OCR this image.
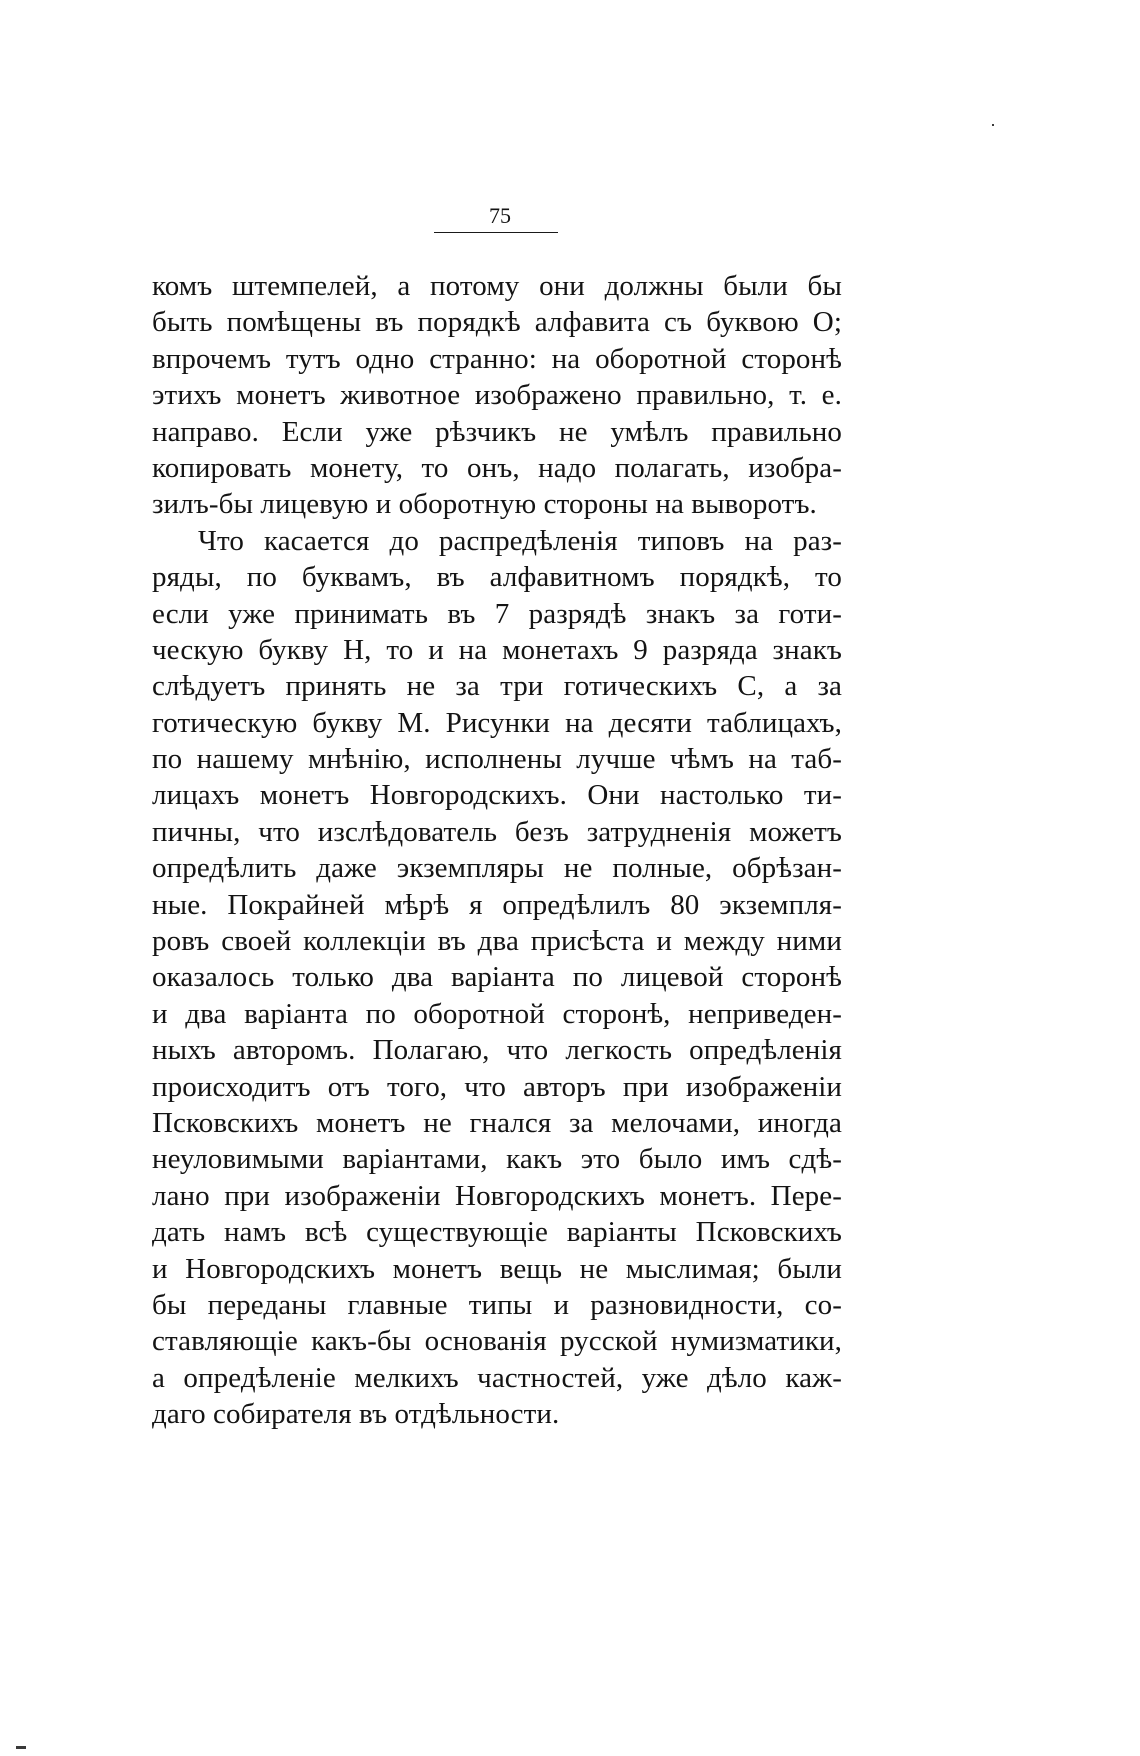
75
комъ штемпелей, а потому они должны были бы
быть помѣщены въ порядкѣ алфавита съ буквою О;
впрочемъ тутъ одно странно: на оборотной сторонѣ
этихъ монетъ животное изображено правильно, т. е.
направо. Если уже рѣзчикъ не умѣлъ правильно
копировать монету, то онъ, надо полагать, изобра-
зилъ-бы лицевую и оборотную стороны на выворотъ.
Что касается до распредѣленія типовъ на раз-
ряды, по буквамъ, въ алфавитномъ порядкѣ, то
если уже принимать въ 7 разрядѣ знакъ за готи-
ческую букву Н, то и на монетахъ 9 разряда знакъ
слѣдуетъ принять не за три готическихъ С, а за
готическую букву М. Рисунки на десяти таблицахъ,
по нашему мнѣнію, исполнены лучше чѣмъ на таб-
лицахъ монетъ Новгородскихъ. Они настолько ти-
пичны, что изслѣдователь безъ затрудненія можетъ
опредѣлить даже экземпляры не полные, обрѣзан-
ные. Покрайней мѣрѣ я опредѣлилъ 80 экземпля-
ровъ своей коллекціи въ два присѣста и между ними
оказалось только два варіанта по лицевой сторонѣ
и два варіанта по оборотной сторонѣ, неприведен-
ныхъ авторомъ. Полагаю, что легкость опредѣленія
происходитъ отъ того, что авторъ при изображеніи
Псковскихъ монетъ не гнался за мелочами, иногда
неуловимыми варіантами, какъ это было имъ сдѣ-
лано при изображеніи Новгородскихъ монетъ. Пере-
дать намъ всѣ существующіе варіанты Псковскихъ
и Новгородскихъ монетъ вещь не мыслимая; были
бы переданы главные типы и разновидности, со-
ставляющіе какъ-бы основанія русской нумизматики,
а опредѣленіе мелкихъ частностей, уже дѣло каж-
даго собирателя въ отдѣльности.
